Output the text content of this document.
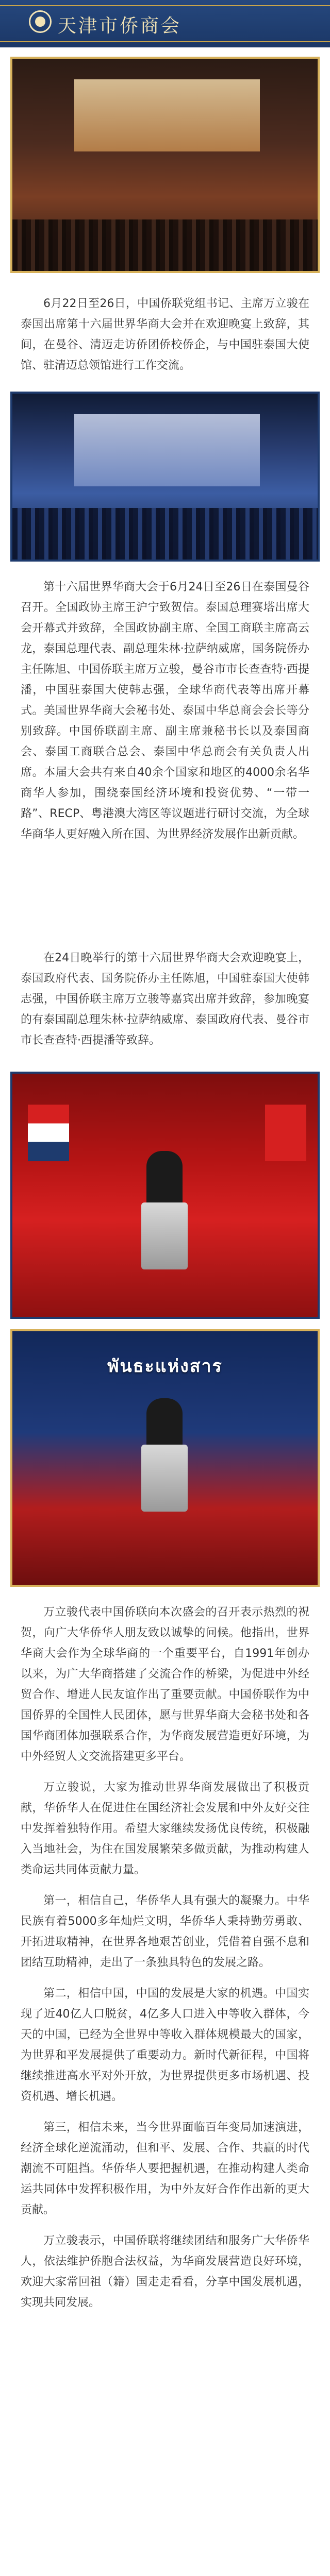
天津市侨商会

6月22日至26日，中国侨联党组书记、主席万立骏在泰国出席第十六届世界华商大会并在欢迎晚宴上致辞，其间，在曼谷、清迈走访侨团侨校侨企，与中国驻泰国大使馆、驻清迈总领馆进行工作交流。

第十六届世界华商大会于6月24日至26日在泰国曼谷召开。全国政协主席王沪宁致贺信。泰国总理赛塔出席大会开幕式并致辞，全国政协副主席、全国工商联主席高云龙，泰国总理代表、副总理朱林·拉萨纳威席，国务院侨办主任陈旭、中国侨联主席万立骏，曼谷市市长查查特·西提潘，中国驻泰国大使韩志强，全球华商代表等出席开幕式。美国世界华商大会秘书处、泰国中华总商会会长等分别致辞。中国侨联副主席、副主席兼秘书长以及泰国商会、泰国工商联合总会、泰国中华总商会有关负责人出席。本届大会共有来自40余个国家和地区的4000余名华商华人参加，围绕泰国经济环境和投资优势、“一带一路”、RECP、粤港澳大湾区等议题进行研讨交流，为全球华商华人更好融入所在国、为世界经济发展作出新贡献。

在24日晚举行的第十六届世界华商大会欢迎晚宴上，泰国政府代表、国务院侨办主任陈旭，中国驻泰国大使韩志强，中国侨联主席万立骏等嘉宾出席并致辞，参加晚宴的有泰国副总理朱林·拉萨纳威席、泰国政府代表、曼谷市市长查查特·西提潘等致辞。

พันธะแห่งสาร

万立骏代表中国侨联向本次盛会的召开表示热烈的祝贺，向广大华侨华人朋友致以诚挚的问候。他指出，世界华商大会作为全球华商的一个重要平台，自1991年创办以来，为广大华商搭建了交流合作的桥梁，为促进中外经贸合作、增进人民友谊作出了重要贡献。中国侨联作为中国侨界的全国性人民团体，愿与世界华商大会秘书处和各国华商团体加强联系合作，为华商发展营造更好环境，为中外经贸人文交流搭建更多平台。

万立骏说，大家为推动世界华商发展做出了积极贡献，华侨华人在促进住在国经济社会发展和中外友好交往中发挥着独特作用。希望大家继续发扬优良传统，积极融入当地社会，为住在国发展繁荣多做贡献，为推动构建人类命运共同体贡献力量。

第一，相信自己，华侨华人具有强大的凝聚力。中华民族有着5000多年灿烂文明，华侨华人秉持勤劳勇敢、开拓进取精神，在世界各地艰苦创业，凭借着自强不息和团结互助精神，走出了一条独具特色的发展之路。

第二，相信中国，中国的发展是大家的机遇。中国实现了近40亿人口脱贫，4亿多人口进入中等收入群体，今天的中国，已经为全世界中等收入群体规模最大的国家，为世界和平发展提供了重要动力。新时代新征程，中国将继续推进高水平对外开放，为世界提供更多市场机遇、投资机遇、增长机遇。

第三，相信未来，当今世界面临百年变局加速演进，经济全球化逆流涌动，但和平、发展、合作、共赢的时代潮流不可阻挡。华侨华人要把握机遇，在推动构建人类命运共同体中发挥积极作用，为中外友好合作作出新的更大贡献。

万立骏表示，中国侨联将继续团结和服务广大华侨华人，依法维护侨胞合法权益，为华商发展营造良好环境，欢迎大家常回祖（籍）国走走看看，分享中国发展机遇，实现共同发展。
